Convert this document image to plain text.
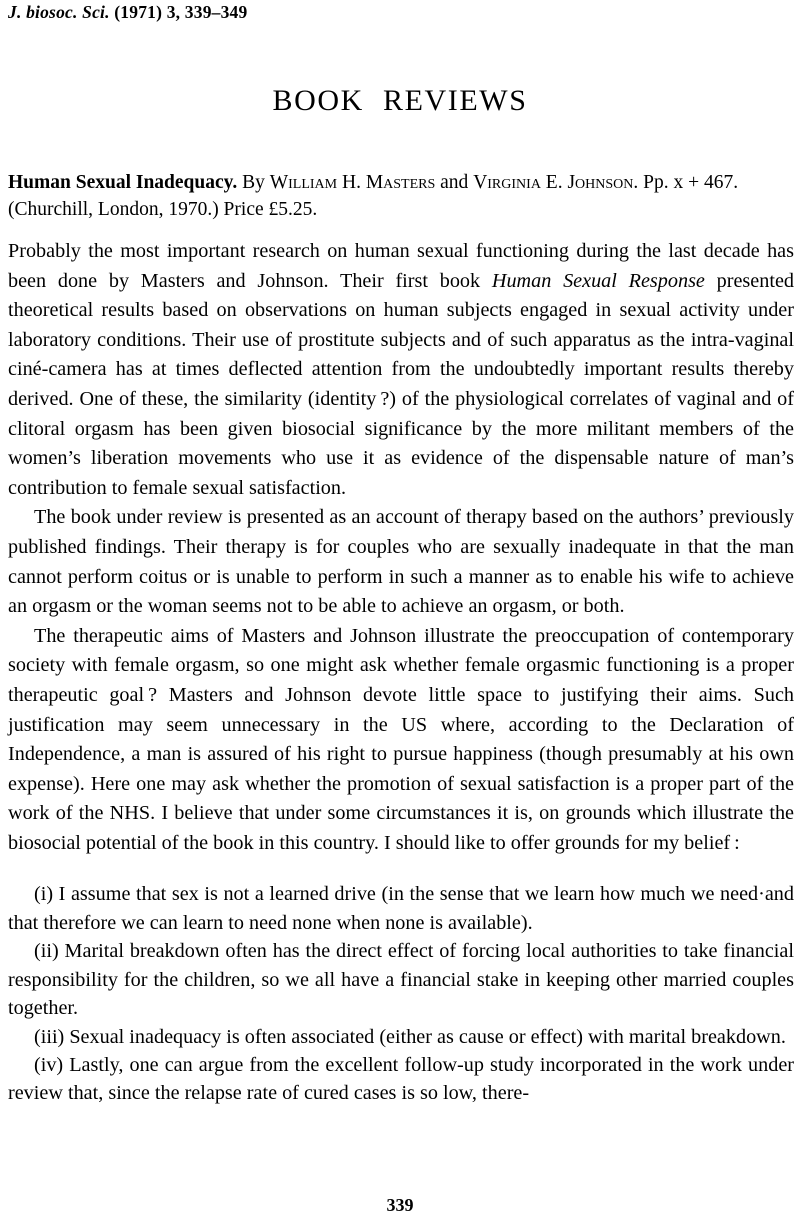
J. biosoc. Sci. (1971) 3, 339–349
BOOK REVIEWS
Human Sexual Inadequacy. By William H. Masters and Virginia E. Johnson. Pp. x + 467. (Churchill, London, 1970.) Price £5.25.

Probably the most important research on human sexual functioning during the last decade has been done by Masters and Johnson. Their first book Human Sexual Response presented theoretical results based on observations on human subjects engaged in sexual activity under laboratory conditions. Their use of prostitute subjects and of such apparatus as the intra-vaginal ciné-camera has at times deflected attention from the undoubtedly important results thereby derived. One of these, the similarity (identity ?) of the physiological correlates of vaginal and of clitoral orgasm has been given biosocial significance by the more militant members of the women’s liberation movements who use it as evidence of the dispensable nature of man’s contribution to female sexual satisfaction.

The book under review is presented as an account of therapy based on the authors’ previously published findings. Their therapy is for couples who are sexually inadequate in that the man cannot perform coitus or is unable to perform in such a manner as to enable his wife to achieve an orgasm or the woman seems not to be able to achieve an orgasm, or both.

The therapeutic aims of Masters and Johnson illustrate the preoccupation of contemporary society with female orgasm, so one might ask whether female orgasmic functioning is a proper therapeutic goal ? Masters and Johnson devote little space to justifying their aims. Such justification may seem unnecessary in the US where, according to the Declaration of Independence, a man is assured of his right to pursue happiness (though presumably at his own expense). Here one may ask whether the promotion of sexual satisfaction is a proper part of the work of the NHS. I believe that under some circumstances it is, on grounds which illustrate the biosocial potential of the book in this country. I should like to offer grounds for my belief :

(i) I assume that sex is not a learned drive (in the sense that we learn how much we need·and that therefore we can learn to need none when none is available).

(ii) Marital breakdown often has the direct effect of forcing local authorities to take financial responsibility for the children, so we all have a financial stake in keeping other married couples together.

(iii) Sexual inadequacy is often associated (either as cause or effect) with marital breakdown.

(iv) Lastly, one can argue from the excellent follow-up study incorporated in the work under review that, since the relapse rate of cured cases is so low, there-

339
